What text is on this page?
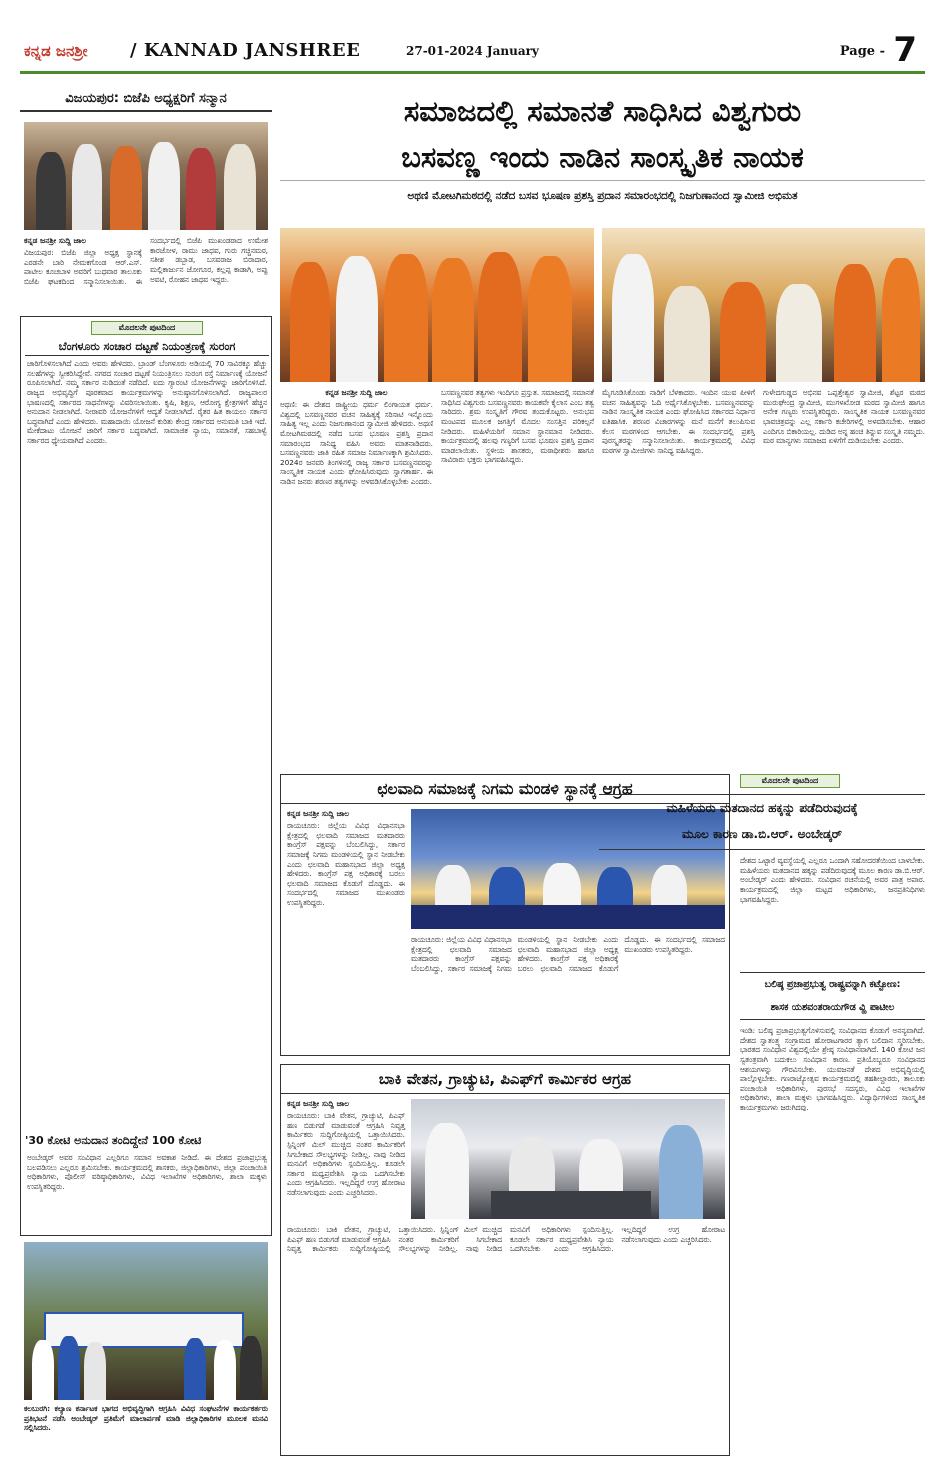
ಕನ್ನಡ ಜನಶ್ರೀ / KANNAD JANSHREE	27-01-2024 January	Page - 7
ವಿಜಯಪುರ: ಬಿಜೆಪಿ ಅಧ್ಯಕ್ಷರಿಗೆ ಸನ್ಮಾನ
ಕನ್ನಡ ಜನಶ್ರೀ ಸುದ್ದಿ ಜಾಲ
ವಿಜಯಪುರ: ಬಿಜೆಪಿ ಜಿಲ್ಲಾ ಅಧ್ಯಕ್ಷ ಸ್ಥಾನಕ್ಕೆ ಎರಡನೇ ಬಾರಿ ನೇಮಕಗೊಂಡ ಆರ್.ಎಸ್. ಪಾಟೀಲ ಕೂಚಬಾಳ ಅವರಿಗೆ ಬುಧವಾರ ತಾಲೂಕು ಬಿಜೆಪಿ ಘಟಕದಿಂದ ಸನ್ಮಾನಿಸಲಾಯಿತು. ಈ ಸಂದರ್ಭದಲ್ಲಿ ಬಿಜೆಪಿ ಮುಖಂಡರಾದ ಉಮೇಶ ಕಾರಜೋಳ, ರಾಮು ಜಾಧವ, ಗುರು ಗಚ್ಚಿನಮಠ, ಸತೀಶ ಡಬ್ಬಾಡ, ಬಸವರಾಜ ಬಿರಾದಾರ, ಮಲ್ಲಿಕಾರ್ಜುನ ಜೋಗೂರ, ಕಲ್ಲಪ್ಪ ಕಾಡಾಗಿ, ಅಪ್ಪು ಅವಟಿ, ರೋಹನ ಜಾಧವ ಇದ್ದರು.
ಸಮಾಜದಲ್ಲಿ ಸಮಾನತೆ ಸಾಧಿಸಿದ ವಿಶ್ವಗುರು
ಬಸವಣ್ಣ ಇಂದು ನಾಡಿನ ಸಾಂಸ್ಕೃತಿಕ ನಾಯಕ
ಅಥಣಿ ಮೋಟಗಿಮಠದಲ್ಲಿ ನಡೆದ ಬಸವ ಭೂಷಣ ಪ್ರಶಸ್ತಿ ಪ್ರದಾನ ಸಮಾರಂಭದಲ್ಲಿ ನಿಜಗುಣಾನಂದ ಸ್ವಾಮೀಜಿ ಅಭಿಮತ
ಕನ್ನಡ ಜನಶ್ರೀ ಸುದ್ದಿ ಜಾಲ
ಅಥಣಿ: ಈ ದೇಶದ ರಾಷ್ಟ್ರೀಯ ಧರ್ಮ ಲಿಂಗಾಯತ ಧರ್ಮ. ವಿಶ್ವದಲ್ಲಿ ಬಸವಣ್ಣನವರ ವಚನ ಸಾಹಿತ್ಯಕ್ಕೆ ಸರಿಸಾಟಿ ಇನ್ನೊಂದು ಸಾಹಿತ್ಯ ಇಲ್ಲ ಎಂದು ನಿಜಗುಣಾನಂದ ಸ್ವಾಮೀಜಿ ಹೇಳಿದರು. ಅಥಣಿ ಮೋಟಗಿಮಠದಲ್ಲಿ ನಡೆದ ಬಸವ ಭೂಷಣ ಪ್ರಶಸ್ತಿ ಪ್ರದಾನ ಸಮಾರಂಭದ ಸಾನಿಧ್ಯ ವಹಿಸಿ ಅವರು ಮಾತನಾಡಿದರು. ಬಸವಣ್ಣನವರು ಜಾತಿ ರಹಿತ ಸಮಾಜ ನಿರ್ಮಾಣಕ್ಕಾಗಿ ಶ್ರಮಿಸಿದರು. 2024ರ ಜನವರಿ ತಿಂಗಳಿನಲ್ಲಿ ರಾಜ್ಯ ಸರ್ಕಾರ ಬಸವಣ್ಣನವರನ್ನು ಸಾಂಸ್ಕೃತಿಕ ನಾಯಕ ಎಂದು ಘೋಷಿಸಿರುವುದು ಸ್ವಾಗತಾರ್ಹ. ಈ ನಾಡಿನ ಜನರು ಶರಣರ ತತ್ವಗಳನ್ನು ಅಳವಡಿಸಿಕೊಳ್ಳಬೇಕು ಎಂದರು.
ಬಸವಣ್ಣನವರ ತತ್ವಗಳು ಇಂದಿಗೂ ಪ್ರಸ್ತುತ. ಸಮಾಜದಲ್ಲಿ ಸಮಾನತೆ ಸಾಧಿಸಿದ ವಿಶ್ವಗುರು ಬಸವಣ್ಣನವರು ಕಾಯಕವೇ ಕೈಲಾಸ ಎಂಬ ತತ್ವ ಸಾರಿದರು. ಶ್ರಮ ಸಂಸ್ಕೃತಿಗೆ ಗೌರವ ತಂದುಕೊಟ್ಟರು. ಅನುಭವ ಮಂಟಪದ ಮೂಲಕ ಜಗತ್ತಿಗೆ ಮೊದಲ ಸಂಸತ್ತಿನ ಪರಿಕಲ್ಪನೆ ನೀಡಿದರು. ಮಹಿಳೆಯರಿಗೆ ಸಮಾನ ಸ್ಥಾನಮಾನ ನೀಡಿದರು. ಕಾರ್ಯಕ್ರಮದಲ್ಲಿ ಹಲವು ಗಣ್ಯರಿಗೆ ಬಸವ ಭೂಷಣ ಪ್ರಶಸ್ತಿ ಪ್ರದಾನ ಮಾಡಲಾಯಿತು. ಸ್ಥಳೀಯ ಶಾಸಕರು, ಮಠಾಧೀಶರು ಹಾಗೂ ಸಾವಿರಾರು ಭಕ್ತರು ಭಾಗವಹಿಸಿದ್ದರು.
ಮೈಗೂಡಿಸಿಕೊಂಡು ನಾಡಿಗೆ ಬೆಳಕಾದರು. ಇಂದಿನ ಯುವ ಪೀಳಿಗೆ ವಚನ ಸಾಹಿತ್ಯವನ್ನು ಓದಿ ಅರ್ಥೈಸಿಕೊಳ್ಳಬೇಕು. ಬಸವಣ್ಣನವರನ್ನು ನಾಡಿನ ಸಾಂಸ್ಕೃತಿಕ ನಾಯಕ ಎಂದು ಘೋಷಿಸಿದ ಸರ್ಕಾರದ ನಿರ್ಧಾರ ಐತಿಹಾಸಿಕ. ಶರಣರ ವಿಚಾರಗಳನ್ನು ಮನೆ ಮನೆಗೆ ತಲುಪಿಸುವ ಕೆಲಸ ಮಠಗಳಿಂದ ಆಗಬೇಕು. ಈ ಸಂದರ್ಭದಲ್ಲಿ ಪ್ರಶಸ್ತಿ ಪುರಸ್ಕೃತರನ್ನು ಸನ್ಮಾನಿಸಲಾಯಿತು. ಕಾರ್ಯಕ್ರಮದಲ್ಲಿ ವಿವಿಧ ಮಠಗಳ ಸ್ವಾಮೀಜಿಗಳು ಸಾನಿಧ್ಯ ವಹಿಸಿದ್ದರು.
ಗುಳೇದಗುಡ್ಡದ ಅಭಿನವ ಒಪ್ಪತ್ತೇಶ್ವರ ಸ್ವಾಮೀಜಿ, ಶೆಟ್ಟರ ಮಠದ ಮುರುಘೇಂದ್ರ ಸ್ವಾಮೀಜಿ, ಮುಗಳಖೋಡ ಮಠದ ಸ್ವಾಮೀಜಿ ಹಾಗೂ ಅನೇಕ ಗಣ್ಯರು ಉಪಸ್ಥಿತರಿದ್ದರು. ಸಾಂಸ್ಕೃತಿಕ ನಾಯಕ ಬಸವಣ್ಣನವರ ಭಾವಚಿತ್ರವನ್ನು ಎಲ್ಲ ಸರ್ಕಾರಿ ಕಚೇರಿಗಳಲ್ಲಿ ಅಳವಡಿಸಬೇಕು. ಆಹಾರ ಎಂದಿಗೂ ಬಿಕಾರಿಯಲ್ಲ. ದುಡಿದ ಅನ್ನ ಹಂಚಿ ತಿನ್ನುವ ಸಂಸ್ಕೃತಿ ನಮ್ಮದು. ಮಠ ಮಾನ್ಯಗಳು ಸಮಾಜದ ಏಳಿಗೆಗೆ ದುಡಿಯಬೇಕು ಎಂದರು.
ಮೊದಲನೇ ಪುಟದಿಂದ
ಬೆಂಗಳೂರು ಸಂಚಾರ ದಟ್ಟಣೆ ನಿಯಂತ್ರಣಕ್ಕೆ ಸುರಂಗ
ಜಾರಿಗೊಳಿಸಲಾಗಿದೆ ಎಂದು ಅವರು ಹೇಳಿದರು. ಬ್ರಾಂಡ್ ಬೆಂಗಳೂರು ಅಡಿಯಲ್ಲಿ 70 ಸಾವಿರಕ್ಕೂ ಹೆಚ್ಚು ಸಲಹೆಗಳನ್ನು ಸ್ವೀಕರಿಸಿದ್ದೇವೆ. ನಗರದ ಸಂಚಾರ ದಟ್ಟಣೆ ನಿಯಂತ್ರಿಸಲು ಸುರಂಗ ರಸ್ತೆ ನಿರ್ಮಾಣಕ್ಕೆ ಯೋಜನೆ ರೂಪಿಸಲಾಗಿದೆ. ನಮ್ಮ ಸರ್ಕಾರ ನುಡಿದಂತೆ ನಡೆದಿದೆ. ಐದು ಗ್ಯಾರಂಟಿ ಯೋಜನೆಗಳನ್ನು ಜಾರಿಗೊಳಿಸಿದೆ. ರಾಜ್ಯದ ಅಭಿವೃದ್ಧಿಗೆ ಪೂರಕವಾದ ಕಾರ್ಯಕ್ರಮಗಳನ್ನು ಅನುಷ್ಠಾನಗೊಳಿಸಲಾಗಿದೆ. ರಾಜ್ಯಪಾಲರ ಭಾಷಣದಲ್ಲಿ ಸರ್ಕಾರದ ಸಾಧನೆಗಳನ್ನು ವಿವರಿಸಲಾಯಿತು. ಕೃಷಿ, ಶಿಕ್ಷಣ, ಆರೋಗ್ಯ ಕ್ಷೇತ್ರಗಳಿಗೆ ಹೆಚ್ಚಿನ ಅನುದಾನ ನೀಡಲಾಗಿದೆ. ನೀರಾವರಿ ಯೋಜನೆಗಳಿಗೆ ಆದ್ಯತೆ ನೀಡಲಾಗಿದೆ. ರೈತರ ಹಿತ ಕಾಯಲು ಸರ್ಕಾರ ಬದ್ಧವಾಗಿದೆ ಎಂದು ಹೇಳಿದರು. ಮಹಾದಾಯಿ ಯೋಜನೆ ಕುರಿತು ಕೇಂದ್ರ ಸರ್ಕಾರದ ಅನುಮತಿ ಬಾಕಿ ಇದೆ. ಮೇಕೆದಾಟು ಯೋಜನೆ ಜಾರಿಗೆ ಸರ್ಕಾರ ಬದ್ಧವಾಗಿದೆ. ಸಾಮಾಜಿಕ ನ್ಯಾಯ, ಸಮಾನತೆ, ಸಹಬಾಳ್ವೆ ಸರ್ಕಾರದ ಧ್ಯೇಯವಾಗಿದೆ ಎಂದರು.
'30 ಕೋಟಿ ಅನುದಾನ ತಂದಿದ್ದೇನೆ 100 ಕೋಟಿ
ಅಂಬೇಡ್ಕರ್ ಅವರ ಸಂವಿಧಾನ ಎಲ್ಲರಿಗೂ ಸಮಾನ ಅವಕಾಶ ನೀಡಿದೆ. ಈ ದೇಶದ ಪ್ರಜಾಪ್ರಭುತ್ವ ಬಲಪಡಿಸಲು ಎಲ್ಲರೂ ಶ್ರಮಿಸಬೇಕು. ಕಾರ್ಯಕ್ರಮದಲ್ಲಿ ಶಾಸಕರು, ಜಿಲ್ಲಾಧಿಕಾರಿಗಳು, ಜಿಲ್ಲಾ ಪಂಚಾಯಿತಿ ಅಧಿಕಾರಿಗಳು, ಪೊಲೀಸ್ ವರಿಷ್ಠಾಧಿಕಾರಿಗಳು, ವಿವಿಧ ಇಲಾಖೆಗಳ ಅಧಿಕಾರಿಗಳು, ಶಾಲಾ ಮಕ್ಕಳು ಉಪಸ್ಥಿತರಿದ್ದರು.
ಕಲಬುರಗಿ: ಕಲ್ಯಾಣ ಕರ್ನಾಟಕ ಭಾಗದ ಅಭಿವೃದ್ಧಿಗಾಗಿ ಆಗ್ರಹಿಸಿ ವಿವಿಧ ಸಂಘಟನೆಗಳ ಕಾರ್ಯಕರ್ತರು ಪ್ರತಿಭಟನೆ ನಡೆಸಿ ಅಂಬೇಡ್ಕರ್ ಪ್ರತಿಮೆಗೆ ಮಾಲಾರ್ಪಣೆ ಮಾಡಿ ಜಿಲ್ಲಾಧಿಕಾರಿಗಳ ಮೂಲಕ ಮನವಿ ಸಲ್ಲಿಸಿದರು.
ಛಲವಾದಿ ಸಮಾಜಕ್ಕೆ ನಿಗಮ ಮಂಡಳಿ ಸ್ಥಾನಕ್ಕೆ ಆಗ್ರಹ
ಕನ್ನಡ ಜನಶ್ರೀ ಸುದ್ದಿ ಜಾಲ
ರಾಯಚೂರು: ಜಿಲ್ಲೆಯ ವಿವಿಧ ವಿಧಾನಸಭಾ ಕ್ಷೇತ್ರದಲ್ಲಿ ಛಲವಾದಿ ಸಮಾಜದ ಮತದಾರರು ಕಾಂಗ್ರೆಸ್ ಪಕ್ಷವನ್ನು ಬೆಂಬಲಿಸಿದ್ದು, ಸರ್ಕಾರ ಸಮಾಜಕ್ಕೆ ನಿಗಮ ಮಂಡಳಿಯಲ್ಲಿ ಸ್ಥಾನ ನೀಡಬೇಕು ಎಂದು ಛಲವಾದಿ ಮಹಾಸಭಾದ ಜಿಲ್ಲಾ ಅಧ್ಯಕ್ಷ ಹೇಳಿದರು. ಕಾಂಗ್ರೆಸ್ ಪಕ್ಷ ಅಧಿಕಾರಕ್ಕೆ ಬರಲು ಛಲವಾದಿ ಸಮಾಜದ ಕೊಡುಗೆ ದೊಡ್ಡದು. ಈ ಸಂದರ್ಭದಲ್ಲಿ ಸಮಾಜದ ಮುಖಂಡರು ಉಪಸ್ಥಿತರಿದ್ದರು.
ರಾಯಚೂರು: ಜಿಲ್ಲೆಯ ವಿವಿಧ ವಿಧಾನಸಭಾ ಕ್ಷೇತ್ರದಲ್ಲಿ ಛಲವಾದಿ ಸಮಾಜದ ಮತದಾರರು ಕಾಂಗ್ರೆಸ್ ಪಕ್ಷವನ್ನು ಬೆಂಬಲಿಸಿದ್ದು, ಸರ್ಕಾರ ಸಮಾಜಕ್ಕೆ ನಿಗಮ ಮಂಡಳಿಯಲ್ಲಿ ಸ್ಥಾನ ನೀಡಬೇಕು ಎಂದು ಛಲವಾದಿ ಮಹಾಸಭಾದ ಜಿಲ್ಲಾ ಅಧ್ಯಕ್ಷ ಹೇಳಿದರು. ಕಾಂಗ್ರೆಸ್ ಪಕ್ಷ ಅಧಿಕಾರಕ್ಕೆ ಬರಲು ಛಲವಾದಿ ಸಮಾಜದ ಕೊಡುಗೆ ದೊಡ್ಡದು. ಈ ಸಂದರ್ಭದಲ್ಲಿ ಸಮಾಜದ ಮುಖಂಡರು ಉಪಸ್ಥಿತರಿದ್ದರು.
ಬಾಕಿ ವೇತನ, ಗ್ರಾಚ್ಯುಟಿ, ಪಿಎಫ್‌ಗೆ ಕಾರ್ಮಿಕರ ಆಗ್ರಹ
ಕನ್ನಡ ಜನಶ್ರೀ ಸುದ್ದಿ ಜಾಲ
ರಾಯಚೂರು: ಬಾಕಿ ವೇತನ, ಗ್ರಾಚ್ಯುಟಿ, ಪಿಎಫ್ ಹಣ ಬಿಡುಗಡೆ ಮಾಡುವಂತೆ ಆಗ್ರಹಿಸಿ ನಿವೃತ್ತ ಕಾರ್ಮಿಕರು ಸುದ್ದಿಗೋಷ್ಠಿಯಲ್ಲಿ ಒತ್ತಾಯಿಸಿದರು. ಸ್ಪಿನ್ನಿಂಗ್ ಮಿಲ್ ಮುಚ್ಚಿದ ನಂತರ ಕಾರ್ಮಿಕರಿಗೆ ಸಿಗಬೇಕಾದ ಸೌಲಭ್ಯಗಳನ್ನು ನೀಡಿಲ್ಲ. ನಾವು ನೀಡಿದ ಮನವಿಗೆ ಅಧಿಕಾರಿಗಳು ಸ್ಪಂದಿಸುತ್ತಿಲ್ಲ. ಕೂಡಲೇ ಸರ್ಕಾರ ಮಧ್ಯಪ್ರವೇಶಿಸಿ ನ್ಯಾಯ ಒದಗಿಸಬೇಕು ಎಂದು ಆಗ್ರಹಿಸಿದರು. ಇಲ್ಲದಿದ್ದರೆ ಉಗ್ರ ಹೋರಾಟ ನಡೆಸಲಾಗುವುದು ಎಂದು ಎಚ್ಚರಿಸಿದರು.
ರಾಯಚೂರು: ಬಾಕಿ ವೇತನ, ಗ್ರಾಚ್ಯುಟಿ, ಪಿಎಫ್ ಹಣ ಬಿಡುಗಡೆ ಮಾಡುವಂತೆ ಆಗ್ರಹಿಸಿ ನಿವೃತ್ತ ಕಾರ್ಮಿಕರು ಸುದ್ದಿಗೋಷ್ಠಿಯಲ್ಲಿ ಒತ್ತಾಯಿಸಿದರು. ಸ್ಪಿನ್ನಿಂಗ್ ಮಿಲ್ ಮುಚ್ಚಿದ ನಂತರ ಕಾರ್ಮಿಕರಿಗೆ ಸಿಗಬೇಕಾದ ಸೌಲಭ್ಯಗಳನ್ನು ನೀಡಿಲ್ಲ. ನಾವು ನೀಡಿದ ಮನವಿಗೆ ಅಧಿಕಾರಿಗಳು ಸ್ಪಂದಿಸುತ್ತಿಲ್ಲ. ಕೂಡಲೇ ಸರ್ಕಾರ ಮಧ್ಯಪ್ರವೇಶಿಸಿ ನ್ಯಾಯ ಒದಗಿಸಬೇಕು ಎಂದು ಆಗ್ರಹಿಸಿದರು. ಇಲ್ಲದಿದ್ದರೆ ಉಗ್ರ ಹೋರಾಟ ನಡೆಸಲಾಗುವುದು ಎಂದು ಎಚ್ಚರಿಸಿದರು.
ಮೊದಲನೇ ಪುಟದಿಂದ
ಮಹಿಳೆಯರು ಮತದಾನದ ಹಕ್ಕನ್ನು ಪಡೆದಿರುವುದಕ್ಕೆ
ಮೂಲ ಕಾರಣ ಡಾ.ಬಿ.ಆರ್. ಅಂಬೇಡ್ಕರ್
ದೇಶದ ಒಟ್ಟಾರೆ ವ್ಯವಸ್ಥೆಯಲ್ಲಿ ಎಲ್ಲರೂ ಒಂದಾಗಿ ಸಹೋದರತೆಯಿಂದ ಬಾಳಬೇಕು. ಮಹಿಳೆಯರು ಮತದಾನದ ಹಕ್ಕನ್ನು ಪಡೆದಿರುವುದಕ್ಕೆ ಮೂಲ ಕಾರಣ ಡಾ.ಬಿ.ಆರ್. ಅಂಬೇಡ್ಕರ್ ಎಂದು ಹೇಳಿದರು. ಸಂವಿಧಾನ ರಚನೆಯಲ್ಲಿ ಅವರ ಪಾತ್ರ ಅಪಾರ. ಕಾರ್ಯಕ್ರಮದಲ್ಲಿ ಜಿಲ್ಲಾ ಮಟ್ಟದ ಅಧಿಕಾರಿಗಳು, ಜನಪ್ರತಿನಿಧಿಗಳು ಭಾಗವಹಿಸಿದ್ದರು.
ಬಲಿಷ್ಠ ಪ್ರಜಾಪ್ರಭುತ್ವ ರಾಷ್ಟ್ರವನ್ನಾಗಿ ಕಟ್ಟೋಣ:
ಶಾಸಕ ಯಶವಂತರಾಯಗೌಡ ವ್ಹಿ ಪಾಟೀಲ
ಇಂಡಿ: ಬಲಿಷ್ಠ ಪ್ರಜಾಪ್ರಭುತ್ವಗೊಳಿಸುವಲ್ಲಿ ಸಂವಿಧಾನದ ಕೊಡುಗೆ ಅನನ್ಯವಾಗಿದೆ. ದೇಶದ ಸ್ವಾತಂತ್ರ್ಯ ಸಂಗ್ರಾಮದ ಹೋರಾಟಗಾರರ ತ್ಯಾಗ ಬಲಿದಾನ ಸ್ಮರಿಸಬೇಕು. ಭಾರತದ ಸಂವಿಧಾನ ವಿಶ್ವದಲ್ಲಿಯೇ ಶ್ರೇಷ್ಠ ಸಂವಿಧಾನವಾಗಿದೆ. 140 ಕೋಟಿ ಜನ ಸ್ವತಂತ್ರವಾಗಿ ಬದುಕಲು ಸಂವಿಧಾನ ಕಾರಣ. ಪ್ರತಿಯೊಬ್ಬರೂ ಸಂವಿಧಾನದ ಆಶಯಗಳನ್ನು ಗೌರವಿಸಬೇಕು. ಯುವಜನತೆ ದೇಶದ ಅಭಿವೃದ್ಧಿಯಲ್ಲಿ ಪಾಲ್ಗೊಳ್ಳಬೇಕು. ಗಣರಾಜ್ಯೋತ್ಸವ ಕಾರ್ಯಕ್ರಮದಲ್ಲಿ ತಹಶೀಲ್ದಾರರು, ತಾಲೂಕು ಪಂಚಾಯಿತಿ ಅಧಿಕಾರಿಗಳು, ಪುರಸಭೆ ಸದಸ್ಯರು, ವಿವಿಧ ಇಲಾಖೆಗಳ ಅಧಿಕಾರಿಗಳು, ಶಾಲಾ ಮಕ್ಕಳು ಭಾಗವಹಿಸಿದ್ದರು. ವಿದ್ಯಾರ್ಥಿಗಳಿಂದ ಸಾಂಸ್ಕೃತಿಕ ಕಾರ್ಯಕ್ರಮಗಳು ಜರುಗಿದವು.
